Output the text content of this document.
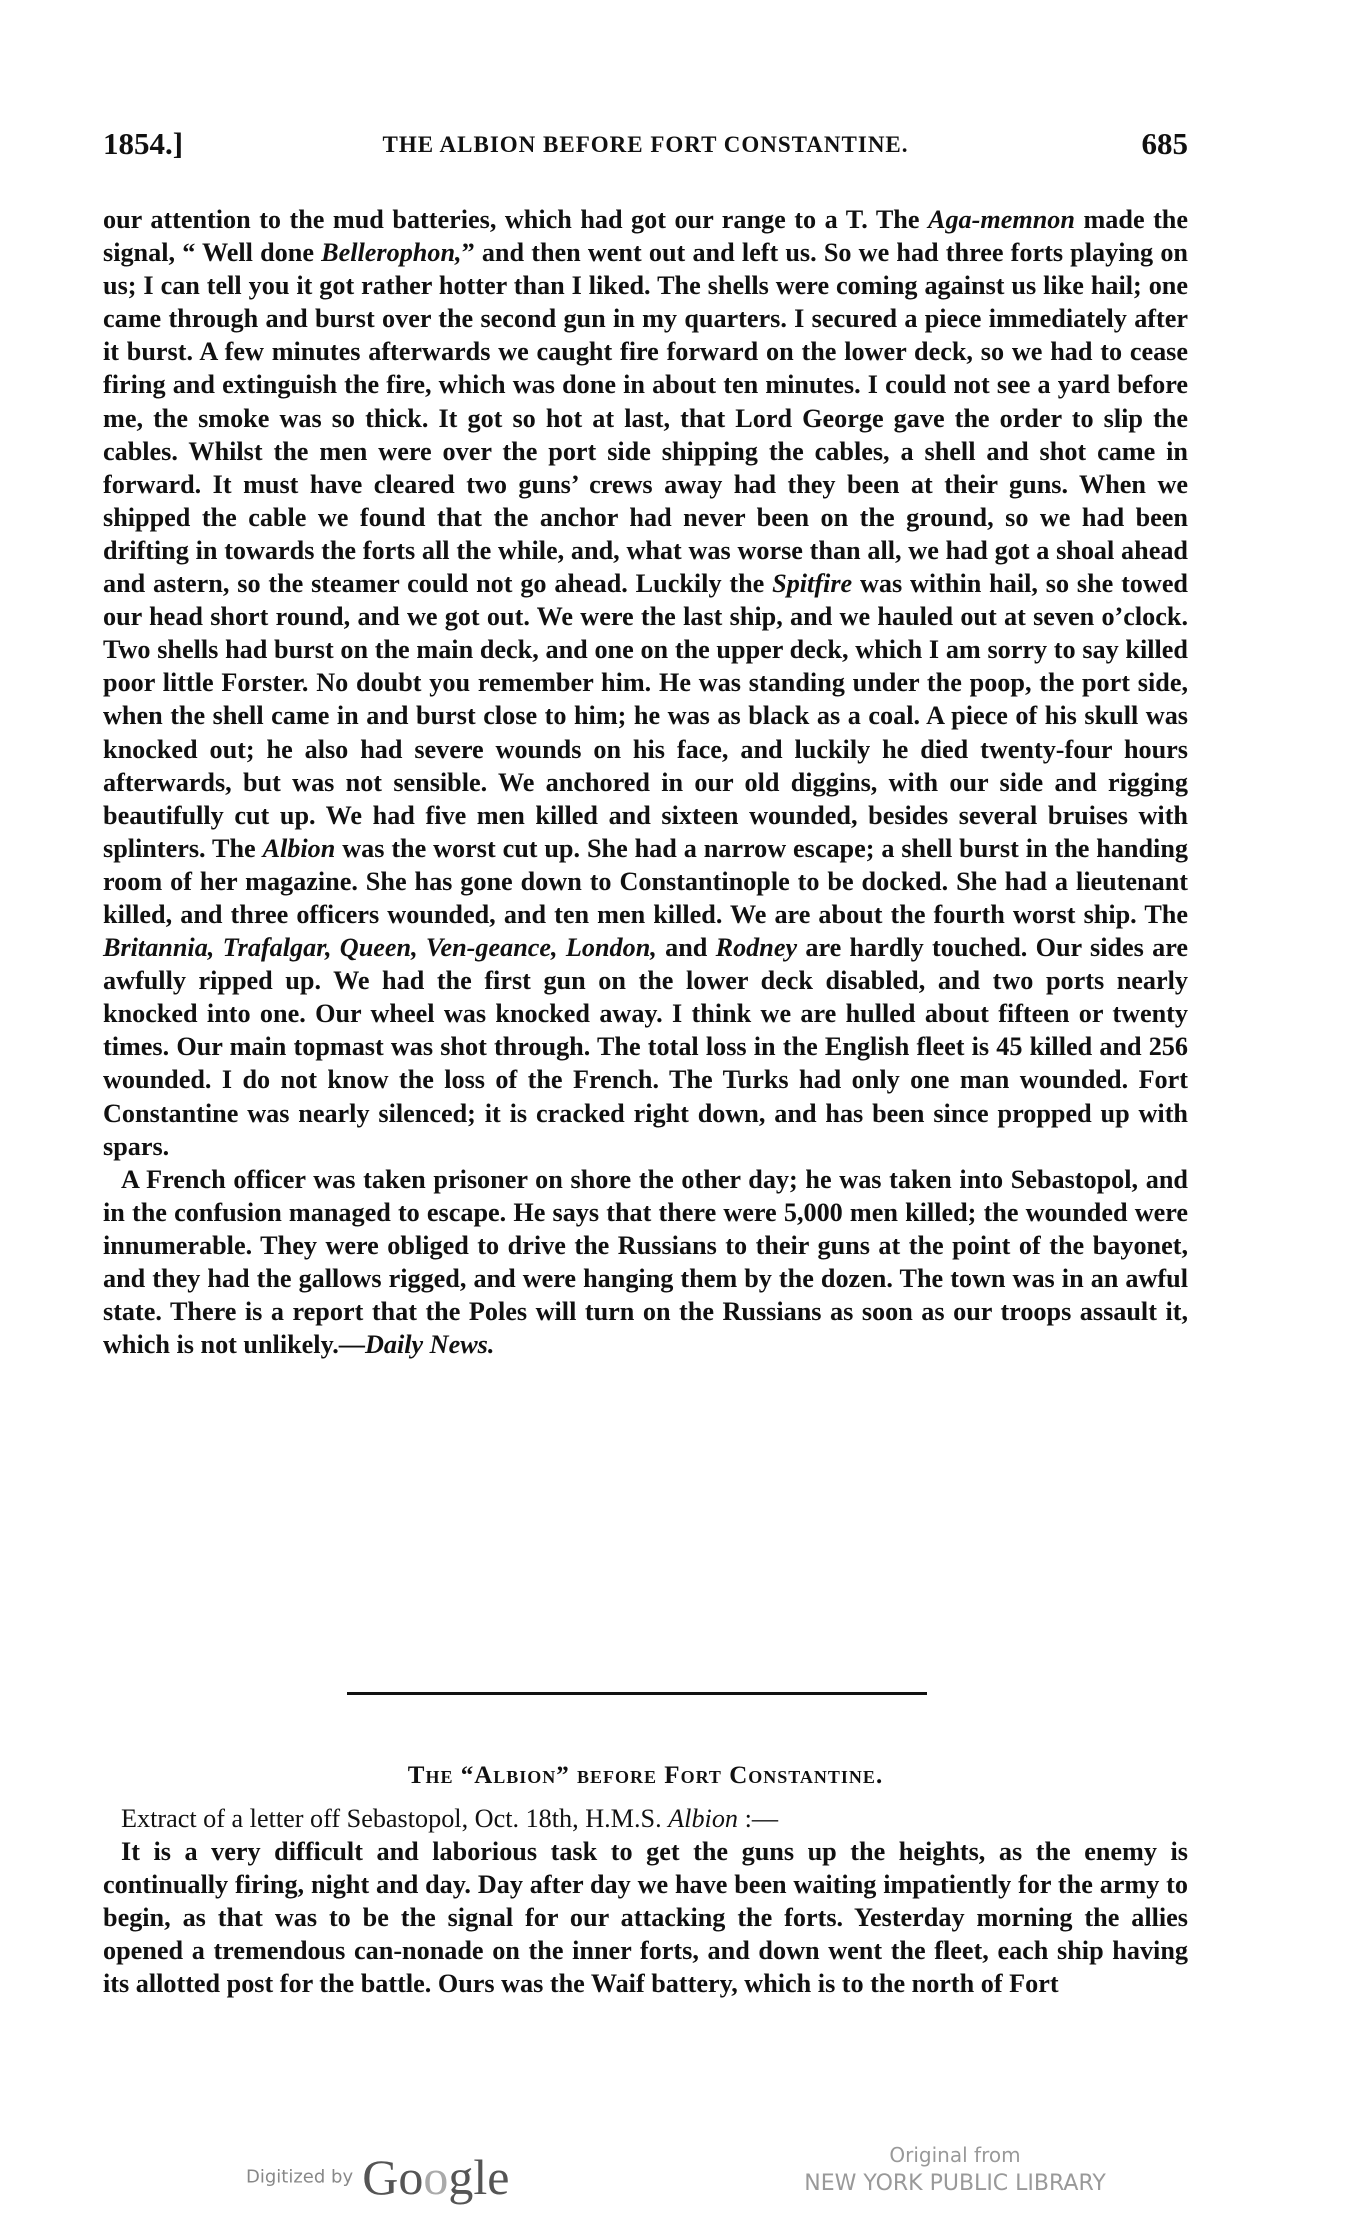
1854.]	THE ALBION BEFORE FORT CONSTANTINE.	685

our attention to the mud batteries, which had got our range to a T. The Aga-memnon made the signal, “ Well done Bellerophon,” and then went out and left us. So we had three forts playing on us; I can tell you it got rather hotter than I liked. The shells were coming against us like hail; one came through and burst over the second gun in my quarters. I secured a piece immediately after it burst. A few minutes afterwards we caught fire forward on the lower deck, so we had to cease firing and extinguish the fire, which was done in about ten minutes. I could not see a yard before me, the smoke was so thick. It got so hot at last, that Lord George gave the order to slip the cables. Whilst the men were over the port side shipping the cables, a shell and shot came in forward. It must have cleared two guns’ crews away had they been at their guns. When we shipped the cable we found that the anchor had never been on the ground, so we had been drifting in towards the forts all the while, and, what was worse than all, we had got a shoal ahead and astern, so the steamer could not go ahead. Luckily the Spitfire was within hail, so she towed our head short round, and we got out. We were the last ship, and we hauled out at seven o’clock. Two shells had burst on the main deck, and one on the upper deck, which I am sorry to say killed poor little Forster. No doubt you remember him. He was standing under the poop, the port side, when the shell came in and burst close to him; he was as black as a coal. A piece of his skull was knocked out; he also had severe wounds on his face, and luckily he died twenty-four hours afterwards, but was not sensible. We anchored in our old diggins, with our side and rigging beautifully cut up. We had five men killed and sixteen wounded, besides several bruises with splinters. The Albion was the worst cut up. She had a narrow escape; a shell burst in the handing room of her magazine. She has gone down to Constantinople to be docked. She had a lieutenant killed, and three officers wounded, and ten men killed. We are about the fourth worst ship. The Britannia, Trafalgar, Queen, Ven-geance, London, and Rodney are hardly touched. Our sides are awfully ripped up. We had the first gun on the lower deck disabled, and two ports nearly knocked into one. Our wheel was knocked away. I think we are hulled about fifteen or twenty times. Our main topmast was shot through. The total loss in the English fleet is 45 killed and 256 wounded. I do not know the loss of the French. The Turks had only one man wounded. Fort Constantine was nearly silenced; it is cracked right down, and has been since propped up with spars.

A French officer was taken prisoner on shore the other day; he was taken into Sebastopol, and in the confusion managed to escape. He says that there were 5,000 men killed; the wounded were innumerable. They were obliged to drive the Russians to their guns at the point of the bayonet, and they had the gallows rigged, and were hanging them by the dozen. The town was in an awful state. There is a report that the Poles will turn on the Russians as soon as our troops assault it, which is not unlikely.—Daily News.

The “Albion” before Fort Constantine.

Extract of a letter off Sebastopol, Oct. 18th, H.M.S. Albion :—

It is a very difficult and laborious task to get the guns up the heights, as the enemy is continually firing, night and day. Day after day we have been waiting impatiently for the army to begin, as that was to be the signal for our attacking the forts. Yesterday morning the allies opened a tremendous can-nonade on the inner forts, and down went the fleet, each ship having its allotted post for the battle. Ours was the Waif battery, which is to the north of Fort

Digitized by Google	Original from
NEW YORK PUBLIC LIBRARY
